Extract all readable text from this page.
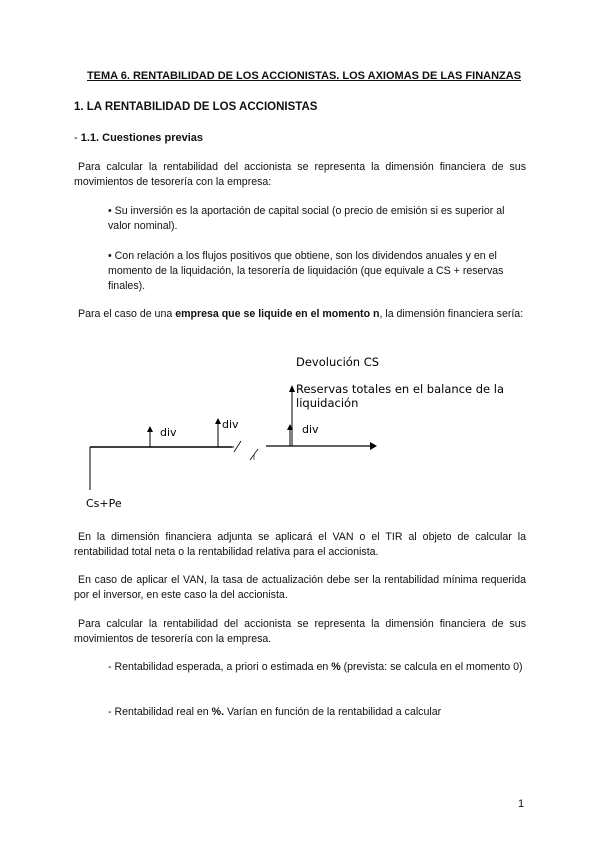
TEMA 6. RENTABILIDAD DE LOS ACCIONISTAS. LOS AXIOMAS DE LAS FINANZAS
1. LA RENTABILIDAD DE LOS ACCIONISTAS
- 1.1. Cuestiones previas
Para calcular la rentabilidad del accionista se representa la dimensión financiera de sus movimientos de tesorería con la empresa:
• Su inversión es la aportación de capital social (o precio de emisión si es superior al valor nominal).
• Con relación a los flujos positivos que obtiene, son los dividendos anuales y en el momento de la liquidación, la tesorería de liquidación (que equivale a CS + reservas finales).
Para el caso de una empresa que se liquide en el momento n, la dimensión financiera sería:
Cs+Pe
div
div	div
Devolución CS
Reservas totales en el balance de la
liquidación
En la dimensión financiera adjunta se aplicará el VAN o el TIR al objeto de calcular la rentabilidad total neta o la rentabilidad relativa para el accionista.
En caso de aplicar el VAN, la tasa de actualización debe ser la rentabilidad mínima requerida por el inversor, en este caso la del accionista.
Para calcular la rentabilidad del accionista se representa la dimensión financiera de sus movimientos de tesorería con la empresa.
- Rentabilidad esperada, a priori o estimada en % (prevista: se calcula en el momento 0)
- Rentabilidad real en %. Varían en función de la rentabilidad a calcular
1
